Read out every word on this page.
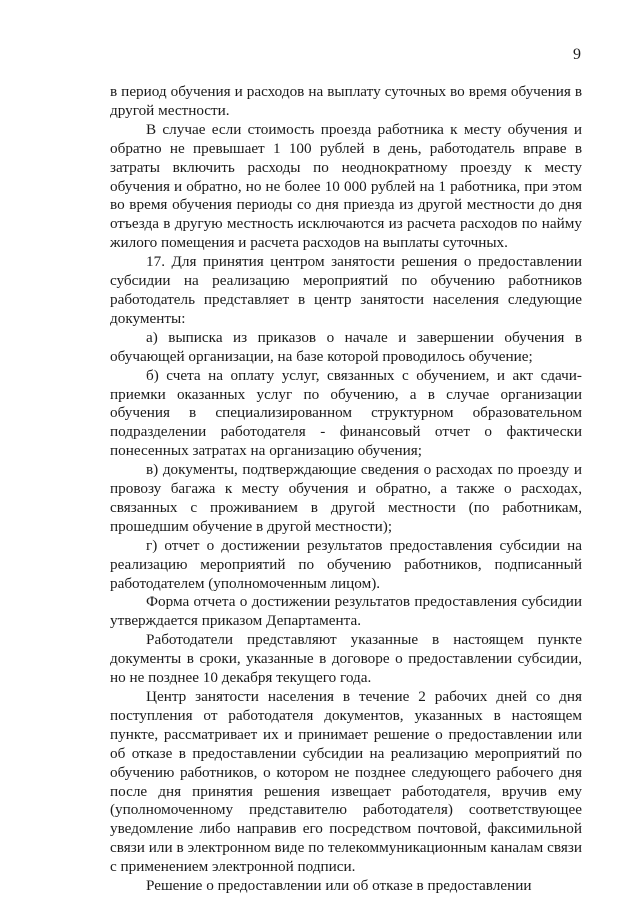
9

в период обучения и расходов на выплату суточных во время обучения в другой местности.

В случае если стоимость проезда работника к месту обучения и обратно не превышает 1 100 рублей в день, работодатель вправе в затраты включить расходы по неоднократному проезду к месту обучения и обратно, но не более 10 000 рублей на 1 работника, при этом во время обучения периоды со дня приезда из другой местности до дня отъезда в другую местность исключаются из расчета расходов по найму жилого помещения и расчета расходов на выплаты суточных.

17. Для принятия центром занятости решения о предоставлении субсидии на реализацию мероприятий по обучению работников работодатель представляет в центр занятости населения следующие документы:

а) выписка из приказов о начале и завершении обучения в обучающей организации, на базе которой проводилось обучение;

б) счета на оплату услуг, связанных с обучением, и акт сдачи-приемки оказанных услуг по обучению, а в случае организации обучения в специализированном структурном образовательном подразделении работодателя - финансовый отчет о фактически понесенных затратах на организацию обучения;

в) документы, подтверждающие сведения о расходах по проезду и провозу багажа к месту обучения и обратно, а также о расходах, связанных с проживанием в другой местности (по работникам, прошедшим обучение в другой местности);

г) отчет о достижении результатов предоставления субсидии на реализацию мероприятий по обучению работников, подписанный работодателем (уполномоченным лицом).

Форма отчета о достижении результатов предоставления субсидии утверждается приказом Департамента.

Работодатели представляют указанные в настоящем пункте документы в сроки, указанные в договоре о предоставлении субсидии, но не позднее 10 декабря текущего года.

Центр занятости населения в течение 2 рабочих дней со дня поступления от работодателя документов, указанных в настоящем пункте, рассматривает их и принимает решение о предоставлении или об отказе в предоставлении субсидии на реализацию мероприятий по обучению работников, о котором не позднее следующего рабочего дня после дня принятия решения извещает работодателя, вручив ему (уполномоченному представителю работодателя) соответствующее уведомление либо направив его посредством почтовой, факсимильной связи или в электронном виде по телекоммуникационным каналам связи с применением электронной подписи.

Решение о предоставлении или об отказе в предоставлении
